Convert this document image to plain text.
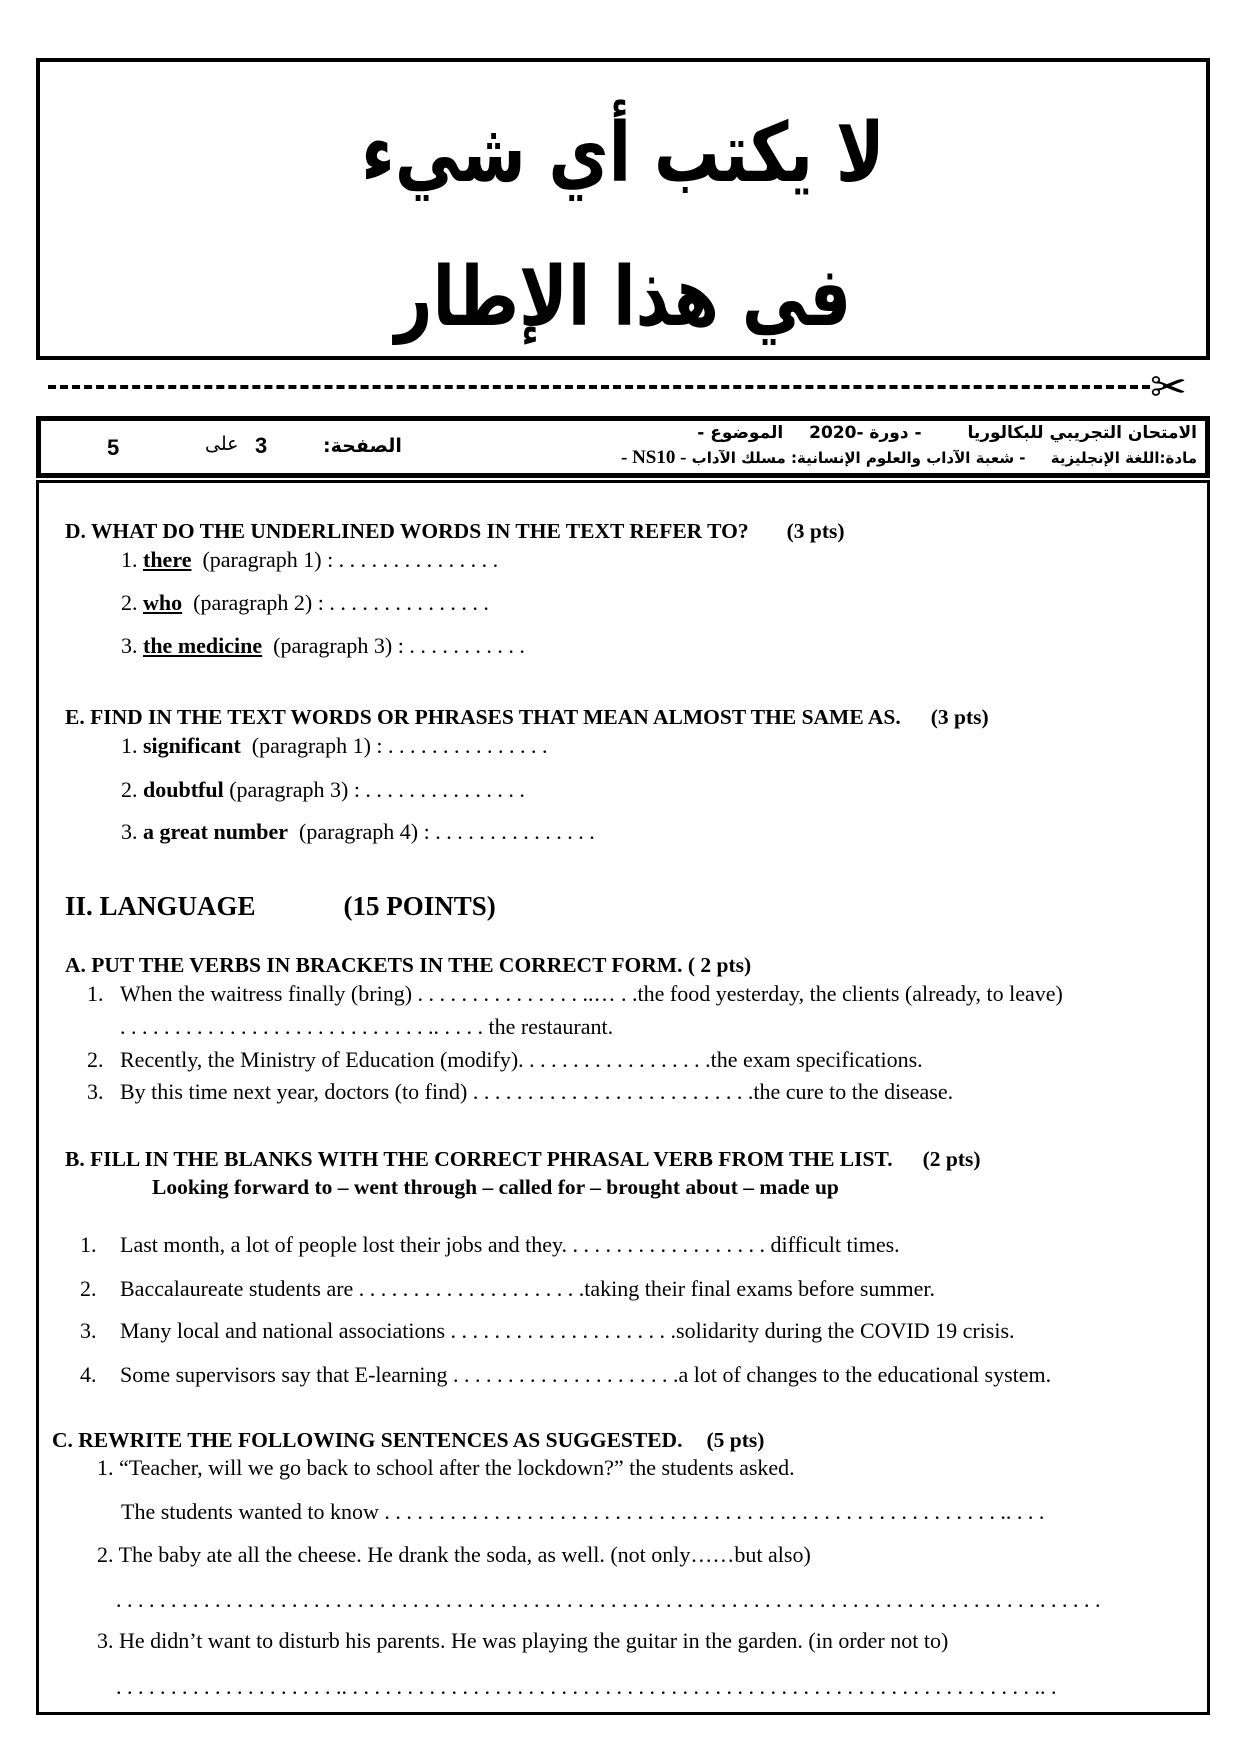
لا يكتب أي شيء
في هذا الإطار
✂
الامتحان التجريبي للبكالوريا - دورة -2020 الموضوع -
مادة:اللغة الإنجليزية - شعبة الآداب والعلوم الإنسانية: مسلك الآداب - NS10 -
الصفحة:
3
على
5
D. WHAT DO THE UNDERLINED WORDS IN THE TEXT REFER TO? (3 pts)
1. there (paragraph 1) : . . . . . . . . . . . . . . .
2. who (paragraph 2) : . . . . . . . . . . . . . . .
3. the medicine (paragraph 3) : . . . . . . . . . . .
E. FIND IN THE TEXT WORDS OR PHRASES THAT MEAN ALMOST THE SAME AS. (3 pts)
1. significant (paragraph 1) : . . . . . . . . . . . . . . .
2. doubtful (paragraph 3) : . . . . . . . . . . . . . . .
3. a great number (paragraph 4) : . . . . . . . . . . . . . . .
II. LANGUAGE	(15 POINTS)
A. PUT THE VERBS IN BRACKETS IN THE CORRECT FORM. ( 2 pts)
1. When the waitress finally (bring) . . . . . . . . . . . . . . . ..… . .the food yesterday, the clients (already, to leave)
. . . . . . . . . . . . . . . . . . . . . . . . . . . . .. . . . . the restaurant.
2. Recently, the Ministry of Education (modify). . . . . . . . . . . . . . . . . .the exam specifications.
3. By this time next year, doctors (to find) . . . . . . . . . . . . . . . . . . . . . . . . . .the cure to the disease.
B. FILL IN THE BLANKS WITH THE CORRECT PHRASAL VERB FROM THE LIST. (2 pts)
Looking forward to – went through – called for – brought about – made up
1. Last month, a lot of people lost their jobs and they. . . . . . . . . . . . . . . . . . . difficult times.
2. Baccalaureate students are . . . . . . . . . . . . . . . . . . . . .taking their final exams before summer.
3. Many local and national associations . . . . . . . . . . . . . . . . . . . . .solidarity during the COVID 19 crisis.
4. Some supervisors say that E-learning . . . . . . . . . . . . . . . . . . . . .a lot of changes to the educational system.
C. REWRITE THE FOLLOWING SENTENCES AS SUGGESTED. (5 pts)
1. “Teacher, will we go back to school after the lockdown?” the students asked.
The students wanted to know . . . . . . . . . . . . . . . . . . . . . . . . . . . . . . . . . . . . . . . . . . . . . . . . . . . . . . . . .. . . .
2. The baby ate all the cheese. He drank the soda, as well. (not only……but also)
. . . . . . . . . . . . . . . . . . . . . . . . . . . . . . . . . . . . . . . . . . . . . . . . . . . . . . . . . . . . . . . . . . . . . . . . . . . . . . . . . . . . . . . . . .
3. He didn’t want to disturb his parents. He was playing the guitar in the garden. (in order not to)
. . . . . . . . . . . . . . . . . . . . .. . . . . . . . . . . . . . . . . . . . . . . . . . . . . . . . . . . . . . . . . . . . . . . . . . . . . . . . . . . . . . . .. .
